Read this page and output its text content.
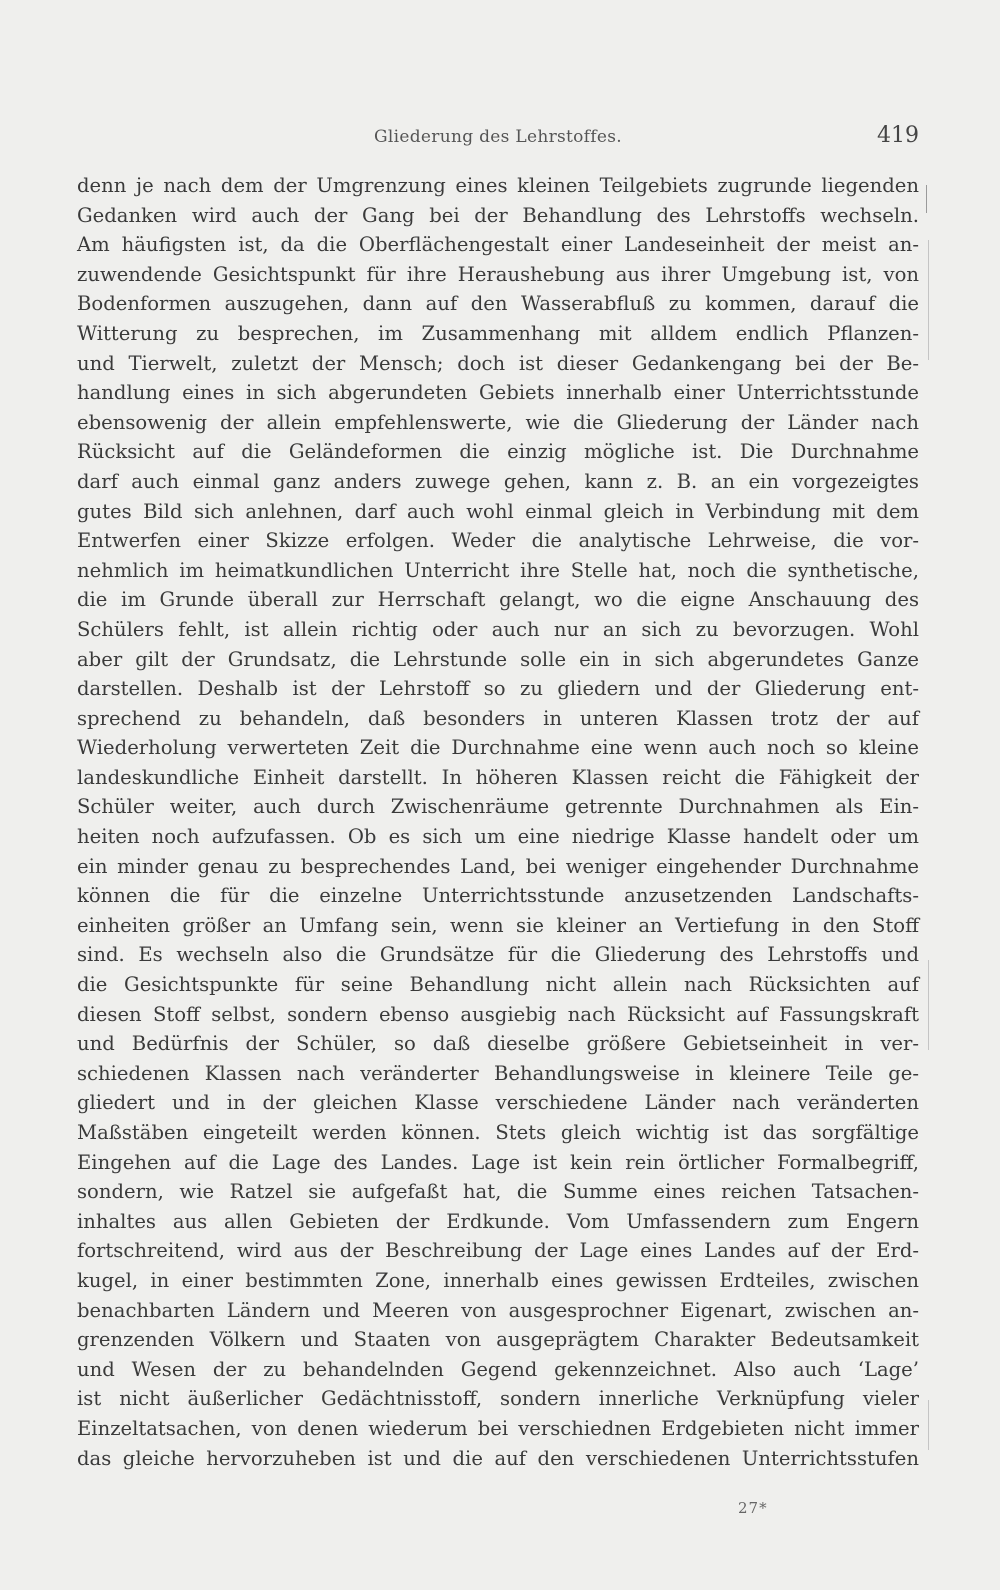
Gliederung des Lehrstoffes.	419
denn je nach dem der Umgrenzung eines kleinen Teilgebiets zugrunde liegenden
Gedanken wird auch der Gang bei der Behandlung des Lehrstoffs wechseln.
Am häufigsten ist, da die Oberflächengestalt einer Landeseinheit der meist an-
zuwendende Gesichtspunkt für ihre Heraushebung aus ihrer Umgebung ist, von
Bodenformen auszugehen, dann auf den Wasserabfluß zu kommen, darauf die
Witterung zu besprechen, im Zusammenhang mit alldem endlich Pflanzen-
und Tierwelt, zuletzt der Mensch; doch ist dieser Gedankengang bei der Be-
handlung eines in sich abgerundeten Gebiets innerhalb einer Unterrichtsstunde
ebensowenig der allein empfehlenswerte, wie die Gliederung der Länder nach
Rücksicht auf die Geländeformen die einzig mögliche ist. Die Durchnahme
darf auch einmal ganz anders zuwege gehen, kann z. B. an ein vorgezeigtes
gutes Bild sich anlehnen, darf auch wohl einmal gleich in Verbindung mit dem
Entwerfen einer Skizze erfolgen. Weder die analytische Lehrweise, die vor-
nehmlich im heimatkundlichen Unterricht ihre Stelle hat, noch die synthetische,
die im Grunde überall zur Herrschaft gelangt, wo die eigne Anschauung des
Schülers fehlt, ist allein richtig oder auch nur an sich zu bevorzugen. Wohl
aber gilt der Grundsatz, die Lehrstunde solle ein in sich abgerundetes Ganze
darstellen. Deshalb ist der Lehrstoff so zu gliedern und der Gliederung ent-
sprechend zu behandeln, daß besonders in unteren Klassen trotz der auf
Wiederholung verwerteten Zeit die Durchnahme eine wenn auch noch so kleine
landeskundliche Einheit darstellt. In höheren Klassen reicht die Fähigkeit der
Schüler weiter, auch durch Zwischenräume getrennte Durchnahmen als Ein-
heiten noch aufzufassen. Ob es sich um eine niedrige Klasse handelt oder um
ein minder genau zu besprechendes Land, bei weniger eingehender Durchnahme
können die für die einzelne Unterrichtsstunde anzusetzenden Landschafts-
einheiten größer an Umfang sein, wenn sie kleiner an Vertiefung in den Stoff
sind. Es wechseln also die Grundsätze für die Gliederung des Lehrstoffs und
die Gesichtspunkte für seine Behandlung nicht allein nach Rücksichten auf
diesen Stoff selbst, sondern ebenso ausgiebig nach Rücksicht auf Fassungskraft
und Bedürfnis der Schüler, so daß dieselbe größere Gebietseinheit in ver-
schiedenen Klassen nach veränderter Behandlungsweise in kleinere Teile ge-
gliedert und in der gleichen Klasse verschiedene Länder nach veränderten
Maßstäben eingeteilt werden können. Stets gleich wichtig ist das sorgfältige
Eingehen auf die Lage des Landes. Lage ist kein rein örtlicher Formalbegriff,
sondern, wie Ratzel sie aufgefaßt hat, die Summe eines reichen Tatsachen-
inhaltes aus allen Gebieten der Erdkunde. Vom Umfassendern zum Engern
fortschreitend, wird aus der Beschreibung der Lage eines Landes auf der Erd-
kugel, in einer bestimmten Zone, innerhalb eines gewissen Erdteiles, zwischen
benachbarten Ländern und Meeren von ausgesprochner Eigenart, zwischen an-
grenzenden Völkern und Staaten von ausgeprägtem Charakter Bedeutsamkeit
und Wesen der zu behandelnden Gegend gekennzeichnet. Also auch ‘Lage’
ist nicht äußerlicher Gedächtnisstoff, sondern innerliche Verknüpfung vieler
Einzeltatsachen, von denen wiederum bei verschiednen Erdgebieten nicht immer
das gleiche hervorzuheben ist und die auf den verschiedenen Unterrichtsstufen
27*
